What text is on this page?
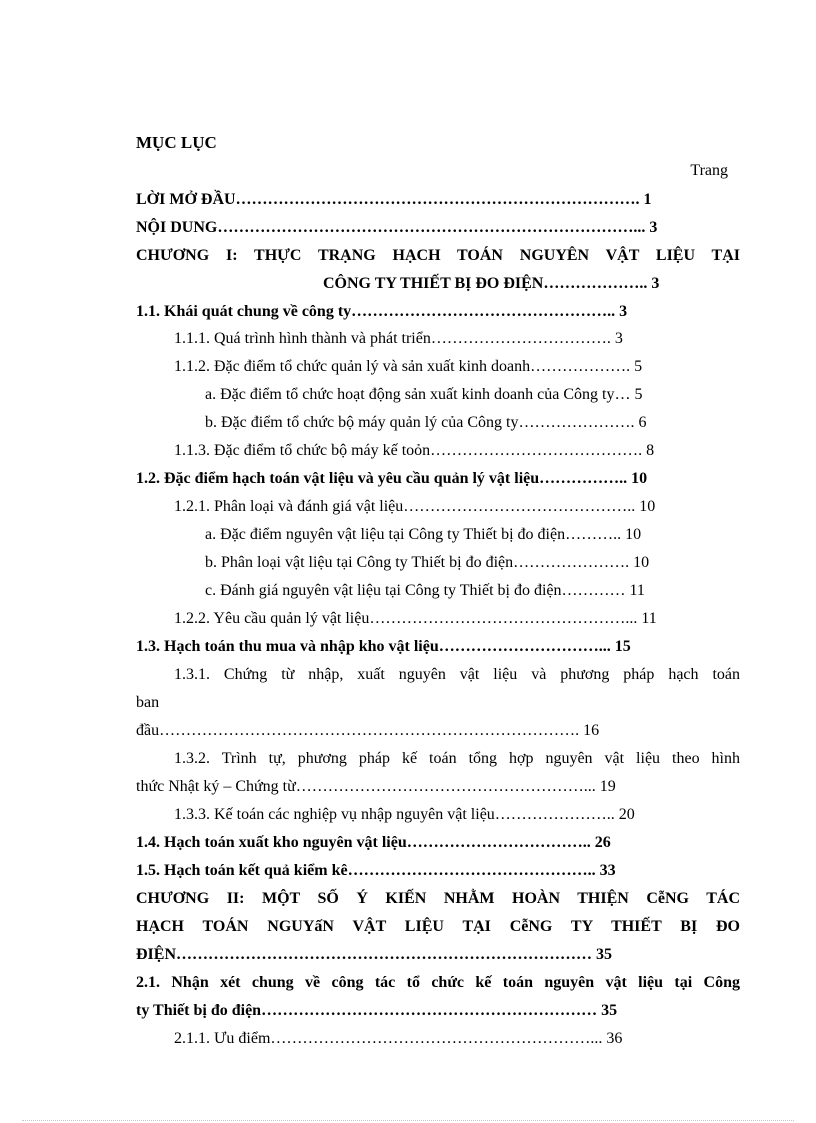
MỤC LỤC
Trang
LỜI MỞ ĐẦU…………………………………………………………………. 1
NỘI DUNG……………………………………………………………………... 3
CHƯƠNG I: THỰC TRẠNG HẠCH TOÁN NGUYÊN VẬT LIỆU TẠI
CÔNG TY THIẾT BỊ ĐO ĐIỆN……………….. 3
1.1. Khái quát chung về công ty………………………………………….. 3
1.1.1. Quá trình hình thành và phát triển……………………………. 3
1.1.2. Đặc điểm tổ chức quản lý và sản xuất kinh doanh………………. 5
a. Đặc điểm tổ chức hoạt động sản xuất kinh doanh của Công ty… 5
b. Đặc điểm tổ chức bộ máy quản lý của Công ty…………………. 6
1.1.3. Đặc điểm tổ chức bộ máy kế toỏn…………………………………. 8
1.2. Đặc điểm hạch toán vật liệu và yêu cầu quản lý vật liệu…………….. 10
1.2.1. Phân loại và đánh giá vật liệu…………………………………….. 10
a. Đặc điểm nguyên vật liệu tại Công ty Thiết bị đo điện……….. 10
b. Phân loại vật liệu tại Công ty Thiết bị đo điện…………………. 10
c. Đánh giá nguyên vật liệu tại Công ty Thiết bị đo điện………… 11
1.2.2. Yêu cầu quản lý vật liệu…………………………………………... 11
1.3. Hạch toán thu mua và nhập kho vật liệu…………………………... 15
1.3.1. Chứng từ nhập, xuất nguyên vật liệu và phương pháp hạch toán
ban
đầu……………………………………………………………………. 16
1.3.2. Trình tự, phương pháp kế toán tổng hợp nguyên vật liệu theo hình
thức Nhật ký – Chứng từ………………………………………………... 19
1.3.3. Kế toán các nghiệp vụ nhập nguyên vật liệu………………….. 20
1.4. Hạch toán xuất kho nguyên vật liệu…………………………….. 26
1.5. Hạch toán kết quả kiểm kê……………………………………….. 33
CHƯƠNG II: MỘT SỐ Ý KIẾN NHẰM HOÀN THIỆN CễNG TÁC
HẠCH TOÁN NGUYấN VẬT LIỆU TẠI CễNG TY THIẾT BỊ ĐO
ĐIỆN…………………………………………………………………… 35
2.1. Nhận xét chung về công tác tổ chức kế toán nguyên vật liệu tại Công
ty Thiết bị đo điện……………………………………………………… 35
2.1.1. Ưu điểm……………………………………………………... 36
